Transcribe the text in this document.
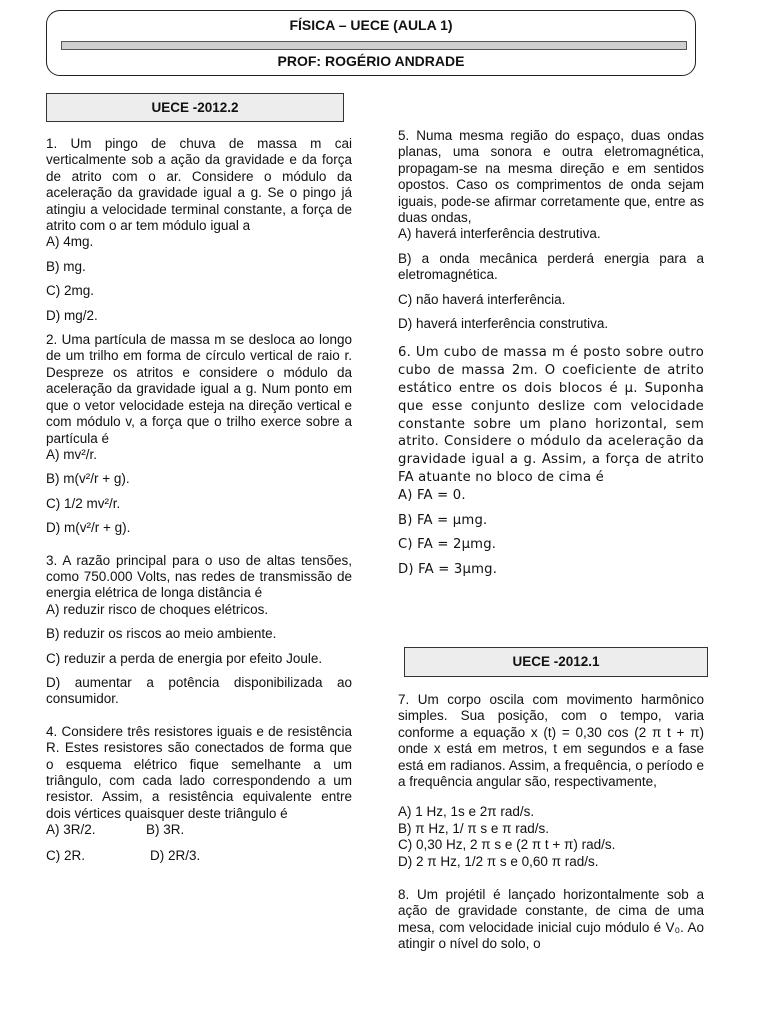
FÍSICA – UECE (AULA 1)
PROF: ROGÉRIO ANDRADE
UECE -2012.2

1. Um pingo de chuva de massa m cai verticalmente sob a ação da gravidade e da força de atrito com o ar. Considere o módulo da aceleração da gravidade igual a g. Se o pingo já atingiu a velocidade terminal constante, a força de atrito com o ar tem módulo igual a

A) 4mg.

B) mg.

C) 2mg.

D) mg/2.

2. Uma partícula de massa m se desloca ao longo de um trilho em forma de círculo vertical de raio r. Despreze os atritos e considere o módulo da aceleração da gravidade igual a g. Num ponto em que o vetor velocidade esteja na direção vertical e com módulo v, a força que o trilho exerce sobre a partícula é

A) mv²/r.

B) m(v²/r + g).

C) 1/2 mv²/r.

D) m(v²/r + g).

3. A razão principal para o uso de altas tensões, como 750.000 Volts, nas redes de transmissão de energia elétrica de longa distância é

A) reduzir risco de choques elétricos.

B) reduzir os riscos ao meio ambiente.

C) reduzir a perda de energia por efeito Joule.

D) aumentar a potência disponibilizada ao consumidor.

4. Considere três resistores iguais e de resistência R. Estes resistores são conectados de forma que o esquema elétrico fique semelhante a um triângulo, com cada lado correspondendo a um resistor. Assim, a resistência equivalente entre dois vértices quaisquer deste triângulo é

A) 3R/2.	B) 3R.
C) 2R.	D) 2R/3.

5. Numa mesma região do espaço, duas ondas planas, uma sonora e outra eletromagnética, propagam-se na mesma direção e em sentidos opostos. Caso os comprimentos de onda sejam iguais, pode-se afirmar corretamente que, entre as duas ondas,

A) haverá interferência destrutiva.

B) a onda mecânica perderá energia para a eletromagnética.

C) não haverá interferência.

D) haverá interferência construtiva.

6. Um cubo de massa m é posto sobre outro cubo de massa 2m. O coeficiente de atrito estático entre os dois blocos é μ. Suponha que esse conjunto deslize com velocidade constante sobre um plano horizontal, sem atrito. Considere o módulo da aceleração da gravidade igual a g. Assim, a força de atrito FA atuante no bloco de cima é

A) FA = 0.

B) FA = μmg.

C) FA = 2μmg.

D) FA = 3μmg.

UECE -2012.1

7. Um corpo oscila com movimento harmônico simples. Sua posição, com o tempo, varia conforme a equação x (t) = 0,30 cos (2 π t + π) onde x está em metros, t em segundos e a fase está em radianos. Assim, a frequência, o período e a frequência angular são, respectivamente,

A) 1 Hz, 1s e 2π rad/s.

B) π Hz, 1/ π s e π rad/s.

C) 0,30 Hz, 2 π s e (2 π t + π) rad/s.

D) 2 π Hz, 1/2 π s e 0,60 π rad/s.

8. Um projétil é lançado horizontalmente sob a ação de gravidade constante, de cima de uma mesa, com velocidade inicial cujo módulo é V₀. Ao atingir o nível do solo, o
